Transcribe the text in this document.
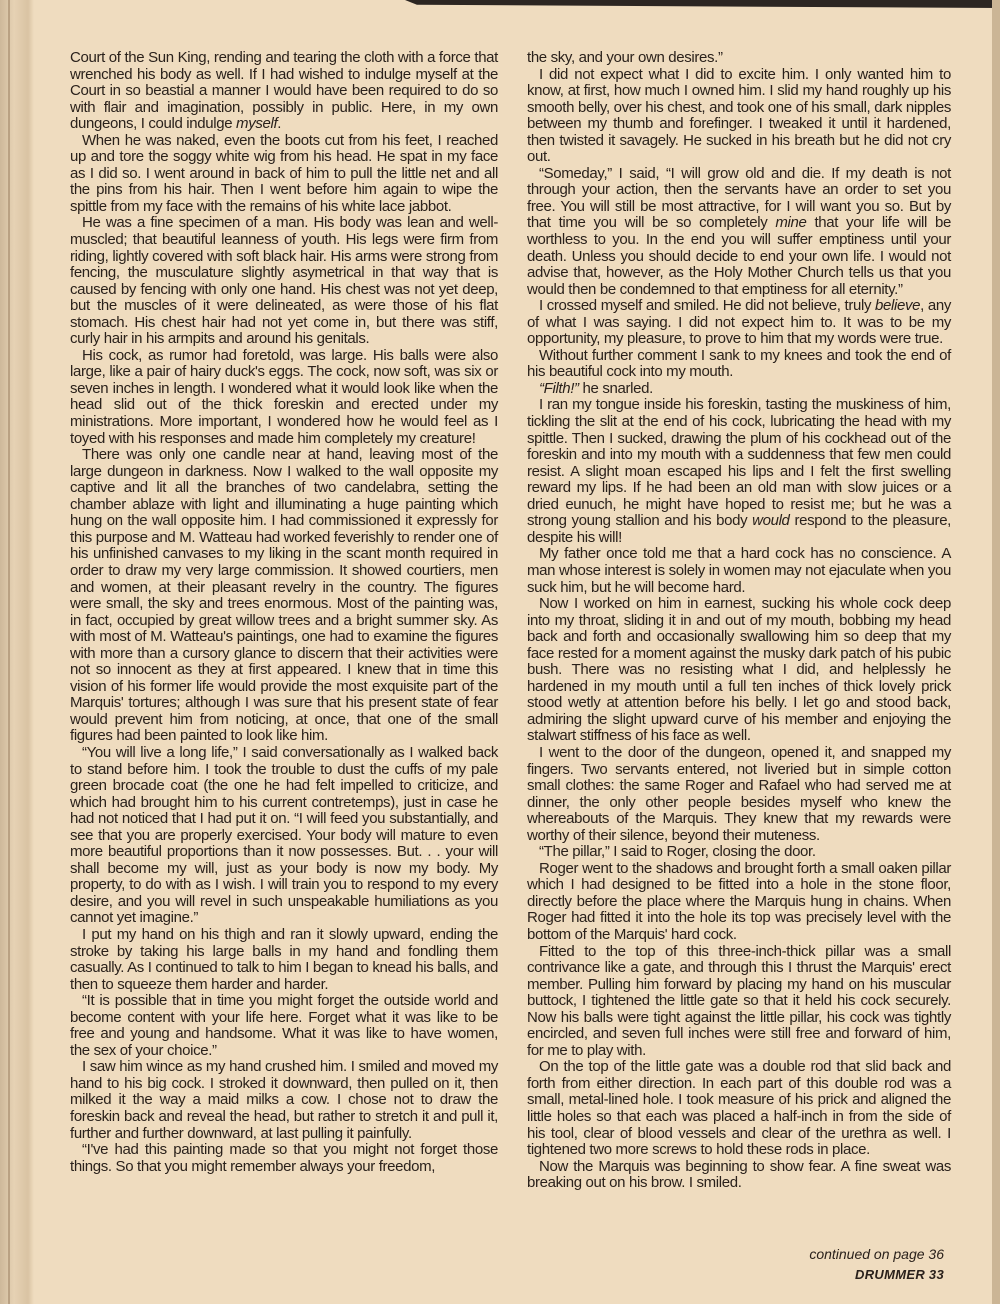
Court of the Sun King, rending and tearing the cloth with a force that wrenched his body as well. If I had wished to indulge myself at the Court in so beastial a manner I would have been required to do so with flair and imagination, possibly in public. Here, in my own dungeons, I could indulge myself.

When he was naked, even the boots cut from his feet, I reached up and tore the soggy white wig from his head. He spat in my face as I did so. I went around in back of him to pull the little net and all the pins from his hair. Then I went before him again to wipe the spittle from my face with the remains of his white lace jabbot.

He was a fine specimen of a man. His body was lean and well-muscled; that beautiful leanness of youth. His legs were firm from riding, lightly covered with soft black hair. His arms were strong from fencing, the musculature slightly asymetrical in that way that is caused by fencing with only one hand. His chest was not yet deep, but the muscles of it were delineated, as were those of his flat stomach. His chest hair had not yet come in, but there was stiff, curly hair in his armpits and around his genitals.

His cock, as rumor had foretold, was large. His balls were also large, like a pair of hairy duck's eggs. The cock, now soft, was six or seven inches in length. I wondered what it would look like when the head slid out of the thick foreskin and erected under my ministrations. More important, I wondered how he would feel as I toyed with his responses and made him completely my creature!

There was only one candle near at hand, leaving most of the large dungeon in darkness. Now I walked to the wall opposite my captive and lit all the branches of two candelabra, setting the chamber ablaze with light and illuminating a huge painting which hung on the wall opposite him. I had commissioned it expressly for this purpose and M. Watteau had worked feverishly to render one of his unfinished canvases to my liking in the scant month required in order to draw my very large commission. It showed courtiers, men and women, at their pleasant revelry in the country. The figures were small, the sky and trees enormous. Most of the painting was, in fact, occupied by great willow trees and a bright summer sky. As with most of M. Watteau's paintings, one had to examine the figures with more than a cursory glance to discern that their activities were not so innocent as they at first appeared. I knew that in time this vision of his former life would provide the most exquisite part of the Marquis' tortures; although I was sure that his present state of fear would prevent him from noticing, at once, that one of the small figures had been painted to look like him.

“You will live a long life,” I said conversationally as I walked back to stand before him. I took the trouble to dust the cuffs of my pale green brocade coat (the one he had felt impelled to criticize, and which had brought him to his current contretemps), just in case he had not noticed that I had put it on. “I will feed you substantially, and see that you are properly exercised. Your body will mature to even more beautiful proportions than it now possesses. But. . . your will shall become my will, just as your body is now my body. My property, to do with as I wish. I will train you to respond to my every desire, and you will revel in such unspeakable humiliations as you cannot yet imagine.”

I put my hand on his thigh and ran it slowly upward, ending the stroke by taking his large balls in my hand and fondling them casually. As I continued to talk to him I began to knead his balls, and then to squeeze them harder and harder.

“It is possible that in time you might forget the outside world and become content with your life here. Forget what it was like to be free and young and handsome. What it was like to have women, the sex of your choice.”

I saw him wince as my hand crushed him. I smiled and moved my hand to his big cock. I stroked it downward, then pulled on it, then milked it the way a maid milks a cow. I chose not to draw the foreskin back and reveal the head, but rather to stretch it and pull it, further and further downward, at last pulling it painfully.

“I've had this painting made so that you might not forget those things. So that you might remember always your freedom,

the sky, and your own desires.”

I did not expect what I did to excite him. I only wanted him to know, at first, how much I owned him. I slid my hand roughly up his smooth belly, over his chest, and took one of his small, dark nipples between my thumb and forefinger. I tweaked it until it hardened, then twisted it savagely. He sucked in his breath but he did not cry out.

“Someday,” I said, “I will grow old and die. If my death is not through your action, then the servants have an order to set you free. You will still be most attractive, for I will want you so. But by that time you will be so completely mine that your life will be worthless to you. In the end you will suffer emptiness until your death. Unless you should decide to end your own life. I would not advise that, however, as the Holy Mother Church tells us that you would then be condemned to that emptiness for all eternity.”

I crossed myself and smiled. He did not believe, truly believe, any of what I was saying. I did not expect him to. It was to be my opportunity, my pleasure, to prove to him that my words were true.

Without further comment I sank to my knees and took the end of his beautiful cock into my mouth.

“Filth!” he snarled.

I ran my tongue inside his foreskin, tasting the muskiness of him, tickling the slit at the end of his cock, lubricating the head with my spittle. Then I sucked, drawing the plum of his cockhead out of the foreskin and into my mouth with a suddenness that few men could resist. A slight moan escaped his lips and I felt the first swelling reward my lips. If he had been an old man with slow juices or a dried eunuch, he might have hoped to resist me; but he was a strong young stallion and his body would respond to the pleasure, despite his will!

My father once told me that a hard cock has no conscience. A man whose interest is solely in women may not ejaculate when you suck him, but he will become hard.

Now I worked on him in earnest, sucking his whole cock deep into my throat, sliding it in and out of my mouth, bobbing my head back and forth and occasionally swallowing him so deep that my face rested for a moment against the musky dark patch of his pubic bush. There was no resisting what I did, and helplessly he hardened in my mouth until a full ten inches of thick lovely prick stood wetly at attention before his belly. I let go and stood back, admiring the slight upward curve of his member and enjoying the stalwart stiffness of his face as well.

I went to the door of the dungeon, opened it, and snapped my fingers. Two servants entered, not liveried but in simple cotton small clothes: the same Roger and Rafael who had served me at dinner, the only other people besides myself who knew the whereabouts of the Marquis. They knew that my rewards were worthy of their silence, beyond their muteness.

“The pillar,” I said to Roger, closing the door.

Roger went to the shadows and brought forth a small oaken pillar which I had designed to be fitted into a hole in the stone floor, directly before the place where the Marquis hung in chains. When Roger had fitted it into the hole its top was precisely level with the bottom of the Marquis' hard cock.

Fitted to the top of this three-inch-thick pillar was a small contrivance like a gate, and through this I thrust the Marquis' erect member. Pulling him forward by placing my hand on his muscular buttock, I tightened the little gate so that it held his cock securely. Now his balls were tight against the little pillar, his cock was tightly encircled, and seven full inches were still free and forward of him, for me to play with.

On the top of the little gate was a double rod that slid back and forth from either direction. In each part of this double rod was a small, metal-lined hole. I took measure of his prick and aligned the little holes so that each was placed a half-inch in from the side of his tool, clear of blood vessels and clear of the urethra as well. I tightened two more screws to hold these rods in place.

Now the Marquis was beginning to show fear. A fine sweat was breaking out on his brow. I smiled.

continued on page 36
DRUMMER 33
